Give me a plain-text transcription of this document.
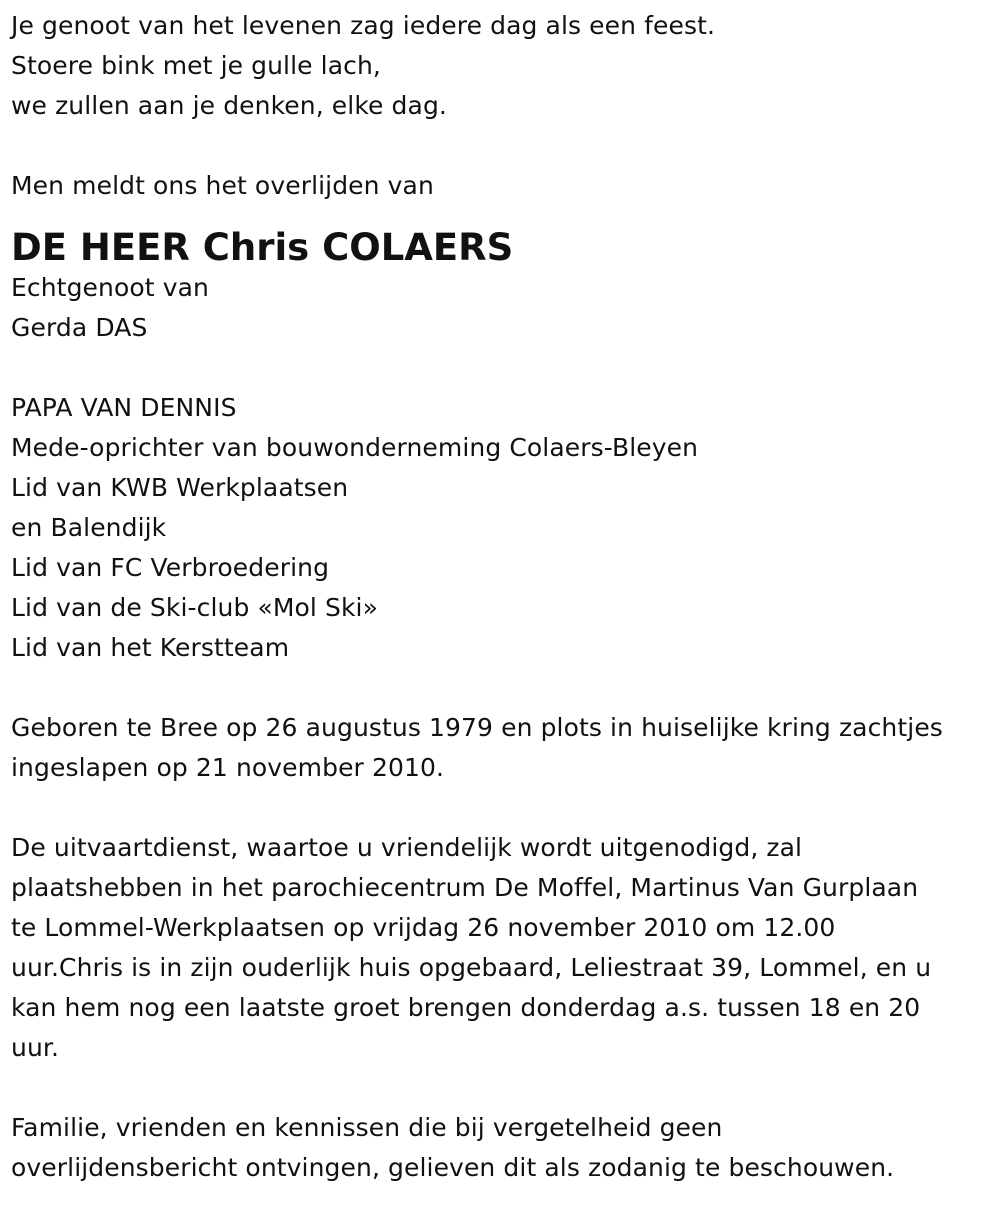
Je genoot van het levenen zag iedere dag als een feest.
Stoere bink met je gulle lach,
we zullen aan je denken, elke dag.
Men meldt ons het overlijden van
DE HEER Chris COLAERS
Echtgenoot van
Gerda DAS
PAPA VAN DENNIS
Mede-oprichter van bouwonderneming Colaers-Bleyen
Lid van KWB Werkplaatsen
en Balendijk
Lid van FC Verbroedering
Lid van de Ski-club «Mol Ski»
Lid van het Kerstteam
Geboren te Bree op 26 augustus 1979 en plots in huiselijke kring zachtjes
ingeslapen op 21 november 2010.
De uitvaartdienst, waartoe u vriendelijk wordt uitgenodigd, zal
plaatshebben in het parochiecentrum De Moffel, Martinus Van Gurplaan
te Lommel-Werkplaatsen op vrijdag 26 november 2010 om 12.00
uur.Chris is in zijn ouderlijk huis opgebaard, Leliestraat 39, Lommel, en u
kan hem nog een laatste groet brengen donderdag a.s. tussen 18 en 20
uur.
Familie, vrienden en kennissen die bij vergetelheid geen
overlijdensbericht ontvingen, gelieven dit als zodanig te beschouwen.
